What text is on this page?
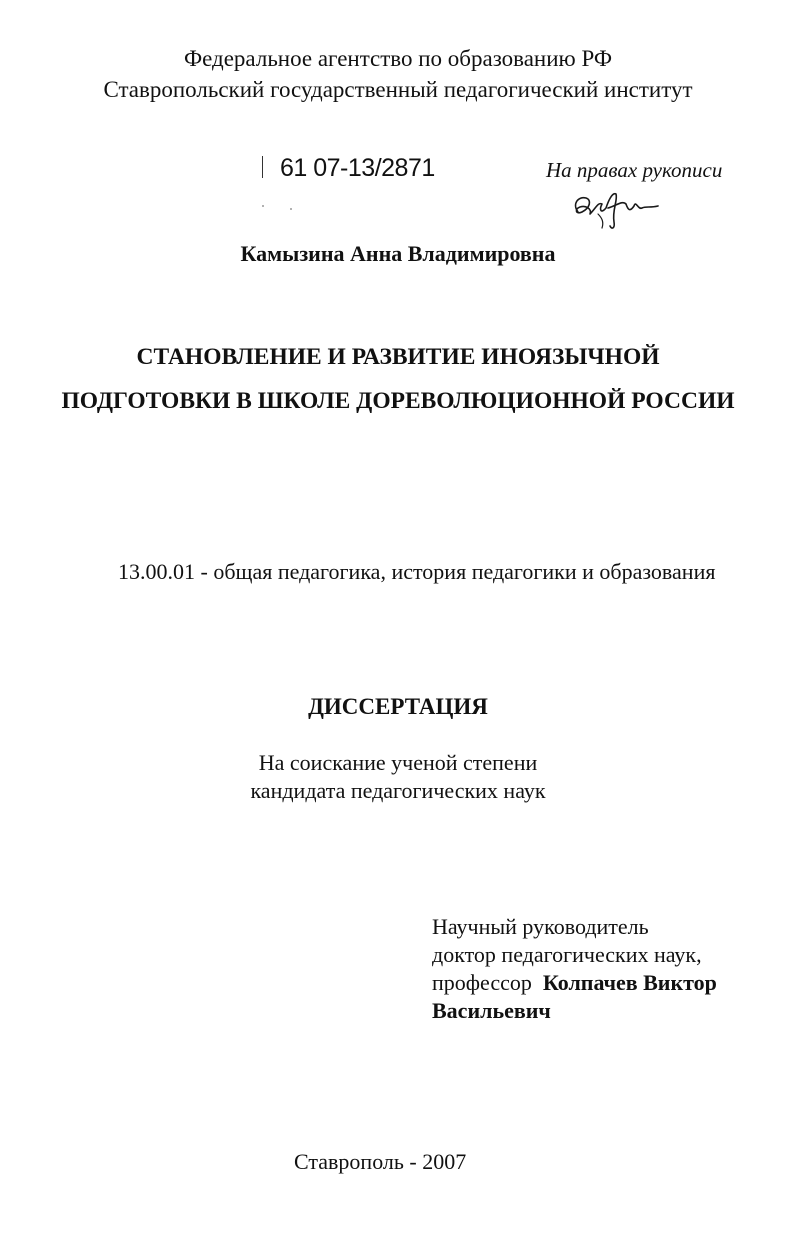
Федеральное агентство по образованию РФ
Ставропольский государственный педагогический институт
61 07-13/2871	На правах рукописи
Камызина Анна Владимировна
СТАНОВЛЕНИЕ И РАЗВИТИЕ ИНОЯЗЫЧНОЙ
ПОДГОТОВКИ В ШКОЛЕ ДОРЕВОЛЮЦИОННОЙ РОССИИ
13.00.01 - общая педагогика, история педагогики и образования
ДИССЕРТАЦИЯ
На соискание ученой степени
кандидата педагогических наук
Научный руководитель
доктор педагогических наук,
профессор Колпачев Виктор
Васильевич
Ставрополь - 2007
